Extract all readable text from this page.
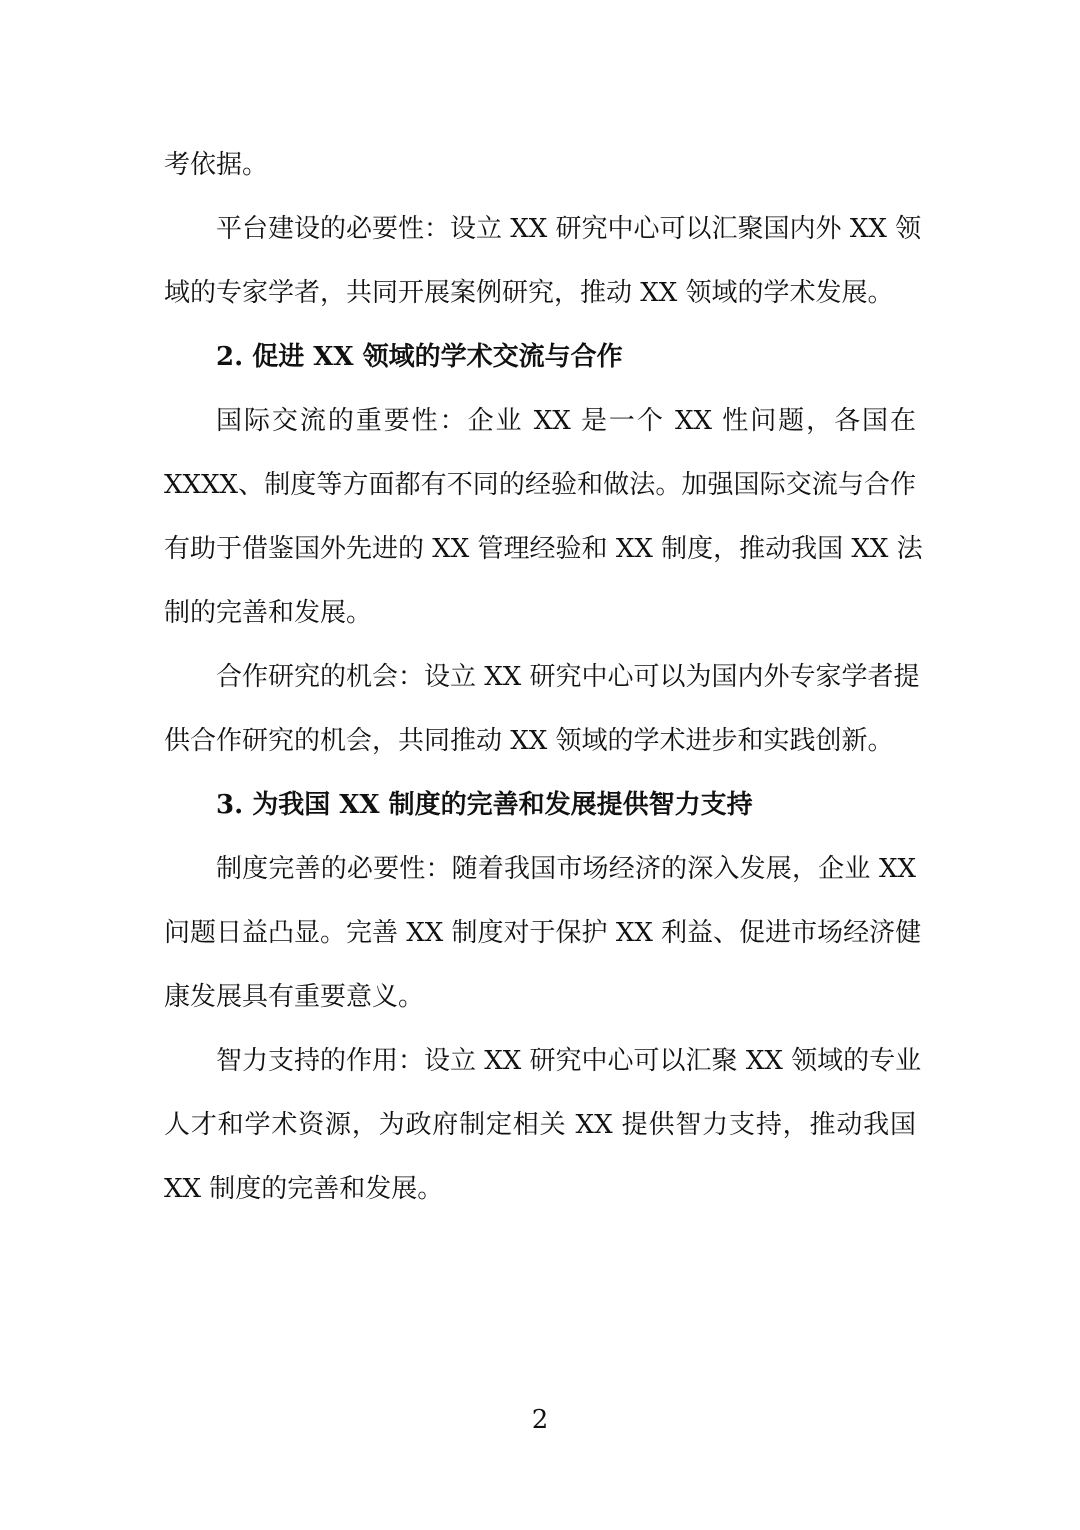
考依据。
平台建设的必要性：设立 XX 研究中心可以汇聚国内外 XX 领
域的专家学者，共同开展案例研究，推动 XX 领域的学术发展。
2. 促进 XX 领域的学术交流与合作
国际交流的重要性：企业 XX 是一个 XX 性问题，各国在
XXXX、制度等方面都有不同的经验和做法。加强国际交流与合作
有助于借鉴国外先进的 XX 管理经验和 XX 制度，推动我国 XX 法
制的完善和发展。
合作研究的机会：设立 XX 研究中心可以为国内外专家学者提
供合作研究的机会，共同推动 XX 领域的学术进步和实践创新。
3. 为我国 XX 制度的完善和发展提供智力支持
制度完善的必要性：随着我国市场经济的深入发展，企业 XX
问题日益凸显。完善 XX 制度对于保护 XX 利益、促进市场经济健
康发展具有重要意义。
智力支持的作用：设立 XX 研究中心可以汇聚 XX 领域的专业
人才和学术资源，为政府制定相关 XX 提供智力支持，推动我国
XX 制度的完善和发展。
2
